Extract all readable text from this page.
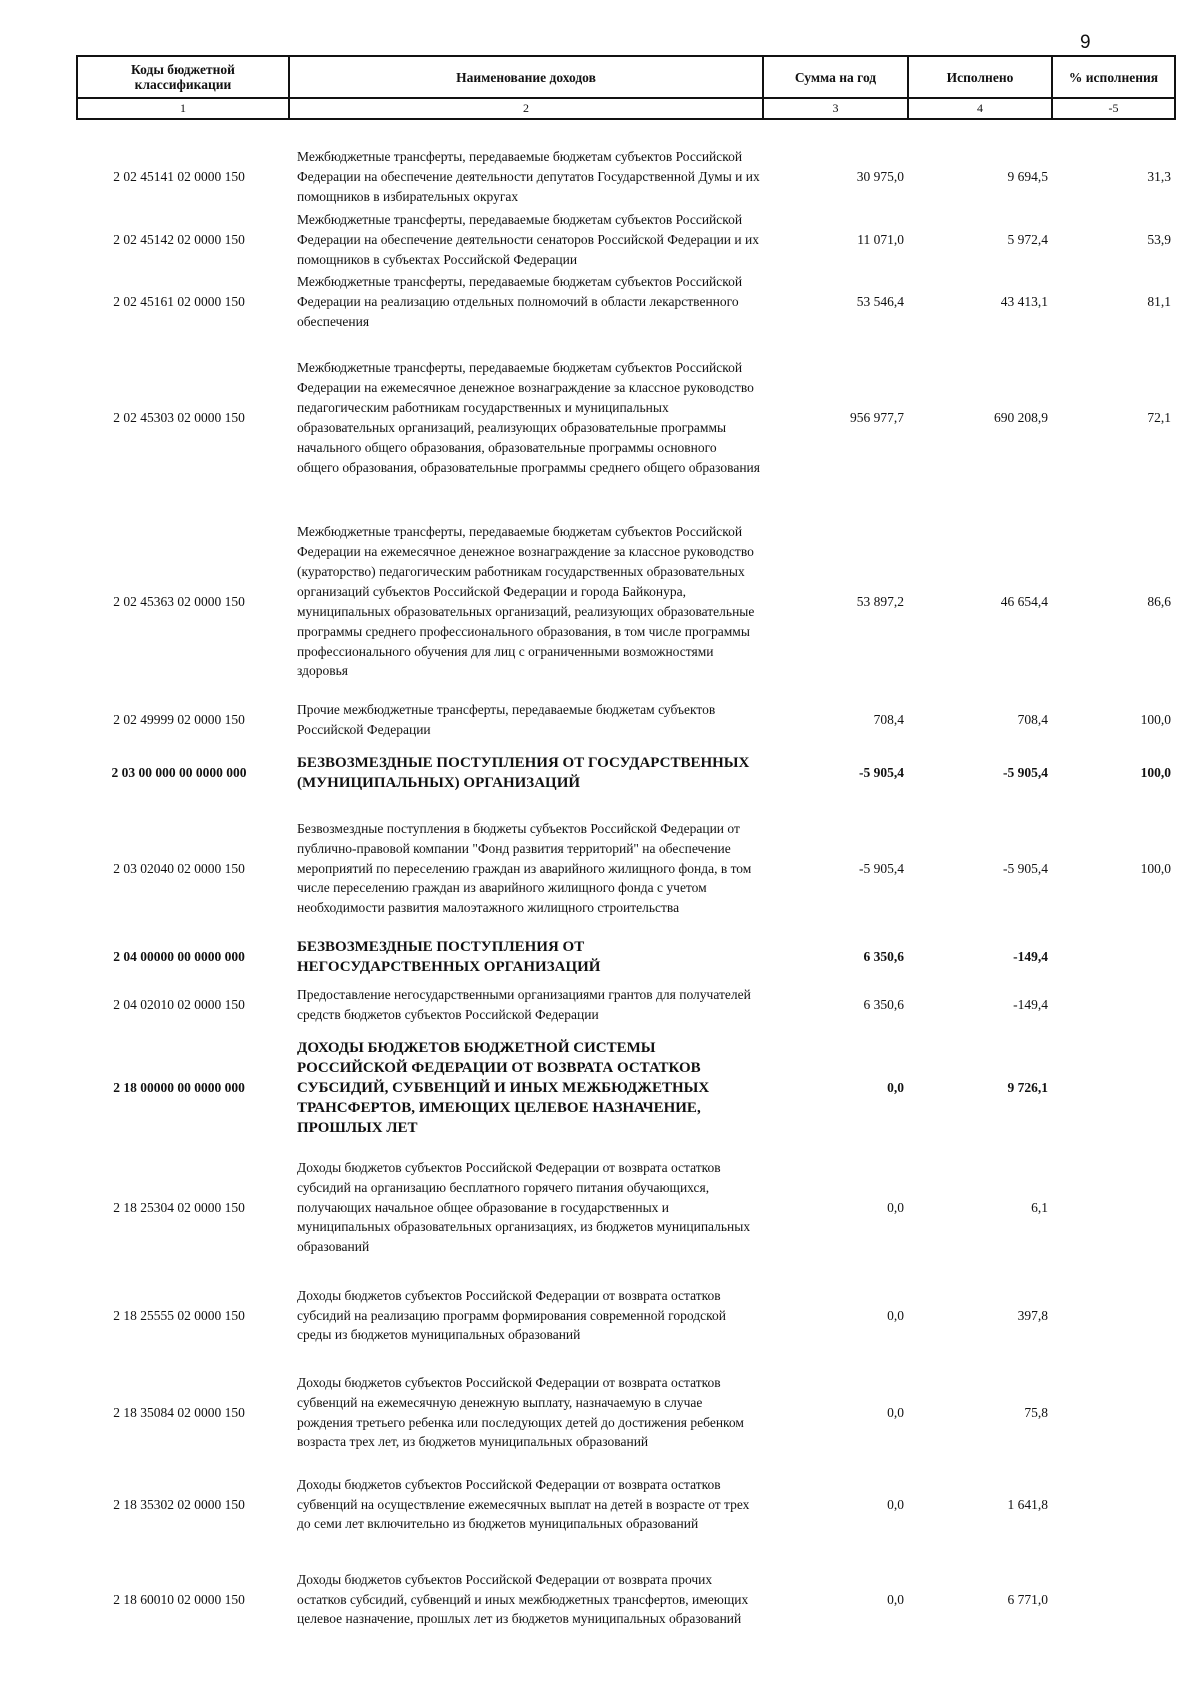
9
Коды бюджетной классификации	Наименование доходов	Сумма на год	Исполнено	% исполнения
1	2	3	4	-5

2 02 45141 02 0000 150	Межбюджетные трансферты, передаваемые бюджетам субъектов Российской Федерации на обеспечение деятельности депутатов Государственной Думы и их помощников в избирательных округах	30 975,0	9 694,5	31,3
2 02 45142 02 0000 150	Межбюджетные трансферты, передаваемые бюджетам субъектов Российской Федерации на обеспечение деятельности сенаторов Российской Федерации и их помощников в субъектах Российской Федерации	11 071,0	5 972,4	53,9
2 02 45161 02 0000 150	Межбюджетные трансферты, передаваемые бюджетам субъектов Российской Федерации на реализацию отдельных полномочий в области лекарственного обеспечения	53 546,4	43 413,1	81,1
2 02 45303 02 0000 150	Межбюджетные трансферты, передаваемые бюджетам субъектов Российской Федерации на ежемесячное денежное вознаграждение за классное руководство педагогическим работникам государственных и муниципальных образовательных организаций, реализующих образовательные программы начального общего образования, образовательные программы основного общего образования, образовательные программы среднего общего образования	956 977,7	690 208,9	72,1
2 02 45363 02 0000 150	Межбюджетные трансферты, передаваемые бюджетам субъектов Российской Федерации на ежемесячное денежное вознаграждение за классное руководство (кураторство) педагогическим работникам государственных образовательных организаций субъектов Российской Федерации и города Байконура, муниципальных образовательных организаций, реализующих образовательные программы среднего профессионального образования, в том числе программы профессионального обучения для лиц с ограниченными возможностями здоровья	53 897,2	46 654,4	86,6
2 02 49999 02 0000 150	Прочие межбюджетные трансферты, передаваемые бюджетам субъектов Российской Федерации	708,4	708,4	100,0
2 03 00 000 00 0000 000	БЕЗВОЗМЕЗДНЫЕ ПОСТУПЛЕНИЯ ОТ ГОСУДАРСТВЕННЫХ (МУНИЦИПАЛЬНЫХ) ОРГАНИЗАЦИЙ	-5 905,4	-5 905,4	100,0
2 03 02040 02 0000 150	Безвозмездные поступления в бюджеты субъектов Российской Федерации от публично-правовой компании "Фонд развития территорий" на обеспечение мероприятий по переселению граждан из аварийного жилищного фонда, в том числе переселению граждан из аварийного жилищного фонда с учетом необходимости развития малоэтажного жилищного строительства	-5 905,4	-5 905,4	100,0
2 04 00000 00 0000 000	БЕЗВОЗМЕЗДНЫЕ ПОСТУПЛЕНИЯ ОТ НЕГОСУДАРСТВЕННЫХ ОРГАНИЗАЦИЙ	6 350,6	-149,4	
2 04 02010 02 0000 150	Предоставление негосударственными организациями грантов для получателей средств бюджетов субъектов Российской Федерации	6 350,6	-149,4	
2 18 00000 00 0000 000	ДОХОДЫ БЮДЖЕТОВ БЮДЖЕТНОЙ СИСТЕМЫ РОССИЙСКОЙ ФЕДЕРАЦИИ ОТ ВОЗВРАТА ОСТАТКОВ СУБСИДИЙ, СУБВЕНЦИЙ И ИНЫХ МЕЖБЮДЖЕТНЫХ ТРАНСФЕРТОВ, ИМЕЮЩИХ ЦЕЛЕВОЕ НАЗНАЧЕНИЕ, ПРОШЛЫХ ЛЕТ	0,0	9 726,1	
2 18 25304 02 0000 150	Доходы бюджетов субъектов Российской Федерации от возврата остатков субсидий на организацию бесплатного горячего питания обучающихся, получающих начальное общее образование в государственных и муниципальных образовательных организациях, из бюджетов муниципальных образований	0,0	6,1	
2 18 25555 02 0000 150	Доходы бюджетов субъектов Российской Федерации от возврата остатков субсидий на реализацию программ формирования современной городской среды из бюджетов муниципальных образований	0,0	397,8	
2 18 35084 02 0000 150	Доходы бюджетов субъектов Российской Федерации от возврата остатков субвенций на ежемесячную денежную выплату, назначаемую в случае рождения третьего ребенка или последующих детей до достижения ребенком возраста трех лет, из бюджетов муниципальных образований	0,0	75,8	
2 18 35302 02 0000 150	Доходы бюджетов субъектов Российской Федерации от возврата остатков субвенций на осуществление ежемесячных выплат на детей в возрасте от трех до семи лет включительно из бюджетов муниципальных образований	0,0	1 641,8	
2 18 60010 02 0000 150	Доходы бюджетов субъектов Российской Федерации от возврата прочих остатков субсидий, субвенций и иных межбюджетных трансфертов, имеющих целевое назначение, прошлых лет из бюджетов муниципальных образований	0,0	6 771,0	
